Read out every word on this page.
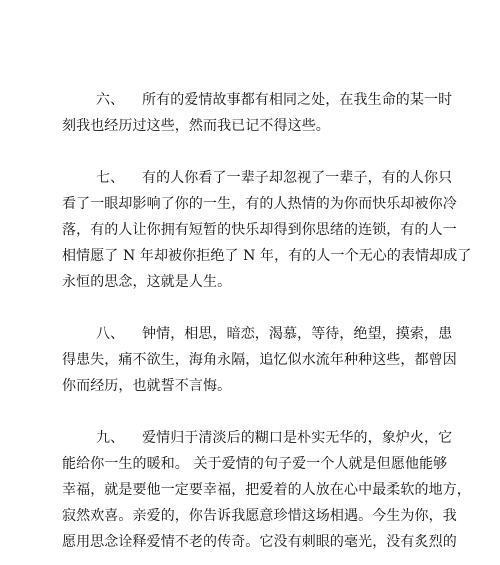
六、 所有的爱情故事都有相同之处，在我生命的某一时
刻我也经历过这些，然而我已记不得这些。
七、 有的人你看了一辈子却忽视了一辈子，有的人你只
看了一眼却影响了你的一生，有的人热情的为你而快乐却被你冷
落，有的人让你拥有短暂的快乐却得到你思绪的连锁，有的人一
相情愿了 N 年却被你拒绝了 N 年，有的人一个无心的表情却成了
永恒的思念，这就是人生。
八、 钟情，相思，暗恋，渴慕，等待，绝望，摸索，患
得患失，痛不欲生，海角永隔，追忆似水流年种种这些，都曾因
你而经历，也就誓不言悔。
九、 爱情归于清淡后的糊口是朴实无华的，象炉火，它
能给你一生的暖和。 关于爱情的句子爱一个人就是但愿他能够
幸福，就是要他一定要幸福，把爱着的人放在心中最柔软的地方，
寂然欢喜。亲爱的，你告诉我愿意珍惜这场相遇。今生为你，我
愿用思念诠释爱情不老的传奇。它没有刺眼的毫光，没有炙烈的
